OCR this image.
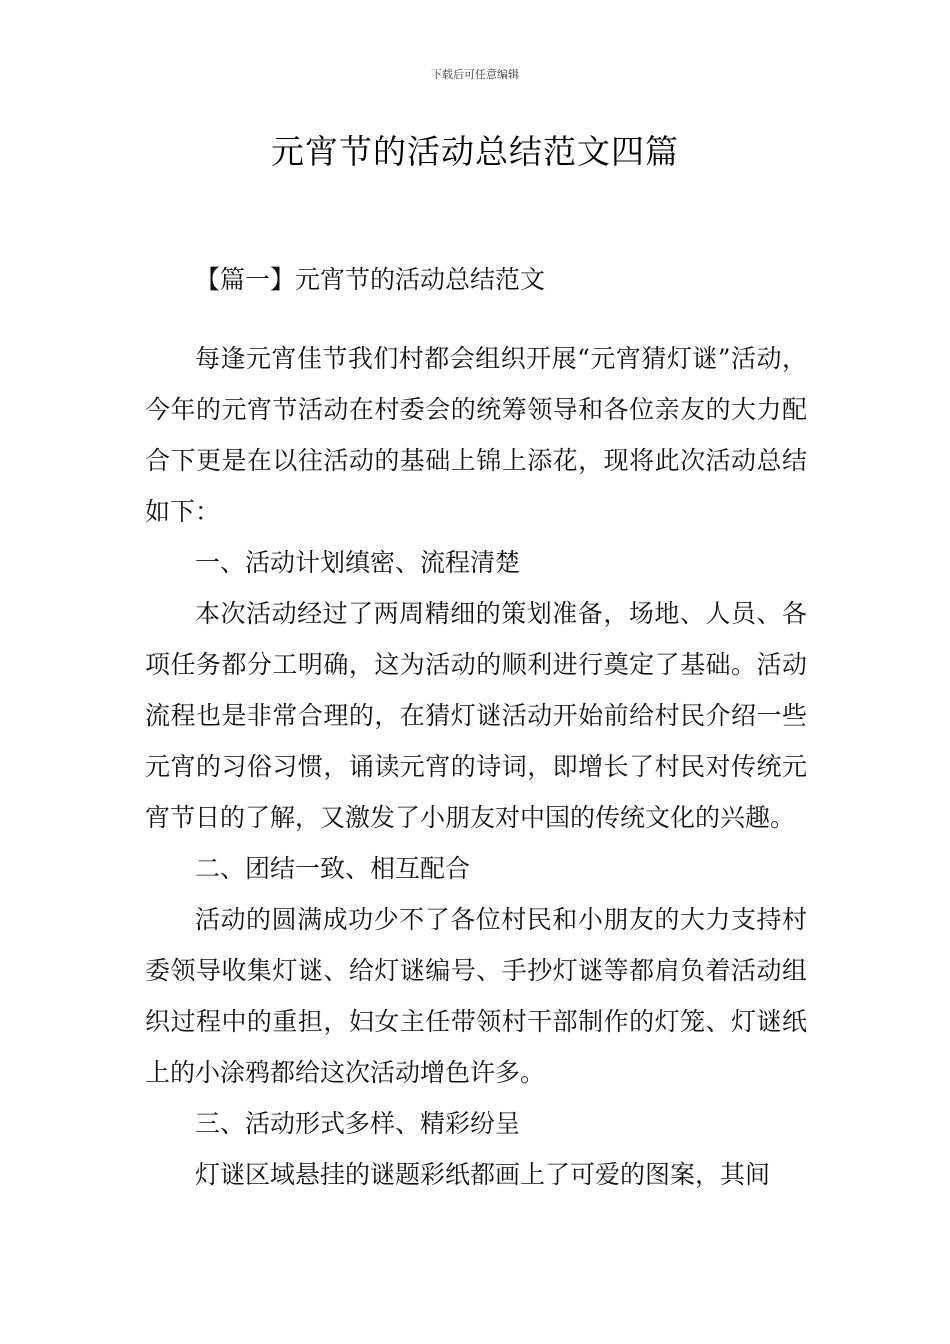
下载后可任意编辑
元宵节的活动总结范文四篇
【篇一】元宵节的活动总结范文

每逢元宵佳节我们村都会组织开展“元宵猜灯谜”活动，今年的元宵节活动在村委会的统筹领导和各位亲友的大力配合下更是在以往活动的基础上锦上添花，现将此次活动总结如下：

一、活动计划缜密、流程清楚

本次活动经过了两周精细的策划准备，场地、人员、各项任务都分工明确，这为活动的顺利进行奠定了基础。活动流程也是非常合理的，在猜灯谜活动开始前给村民介绍一些元宵的习俗习惯，诵读元宵的诗词，即增长了村民对传统元宵节日的了解，又激发了小朋友对中国的传统文化的兴趣。

二、团结一致、相互配合

活动的圆满成功少不了各位村民和小朋友的大力支持村委领导收集灯谜、给灯谜编号、手抄灯谜等都肩负着活动组织过程中的重担，妇女主任带领村干部制作的灯笼、灯谜纸上的小涂鸦都给这次活动增色许多。

三、活动形式多样、精彩纷呈

灯谜区域悬挂的谜题彩纸都画上了可爱的图案，其间
